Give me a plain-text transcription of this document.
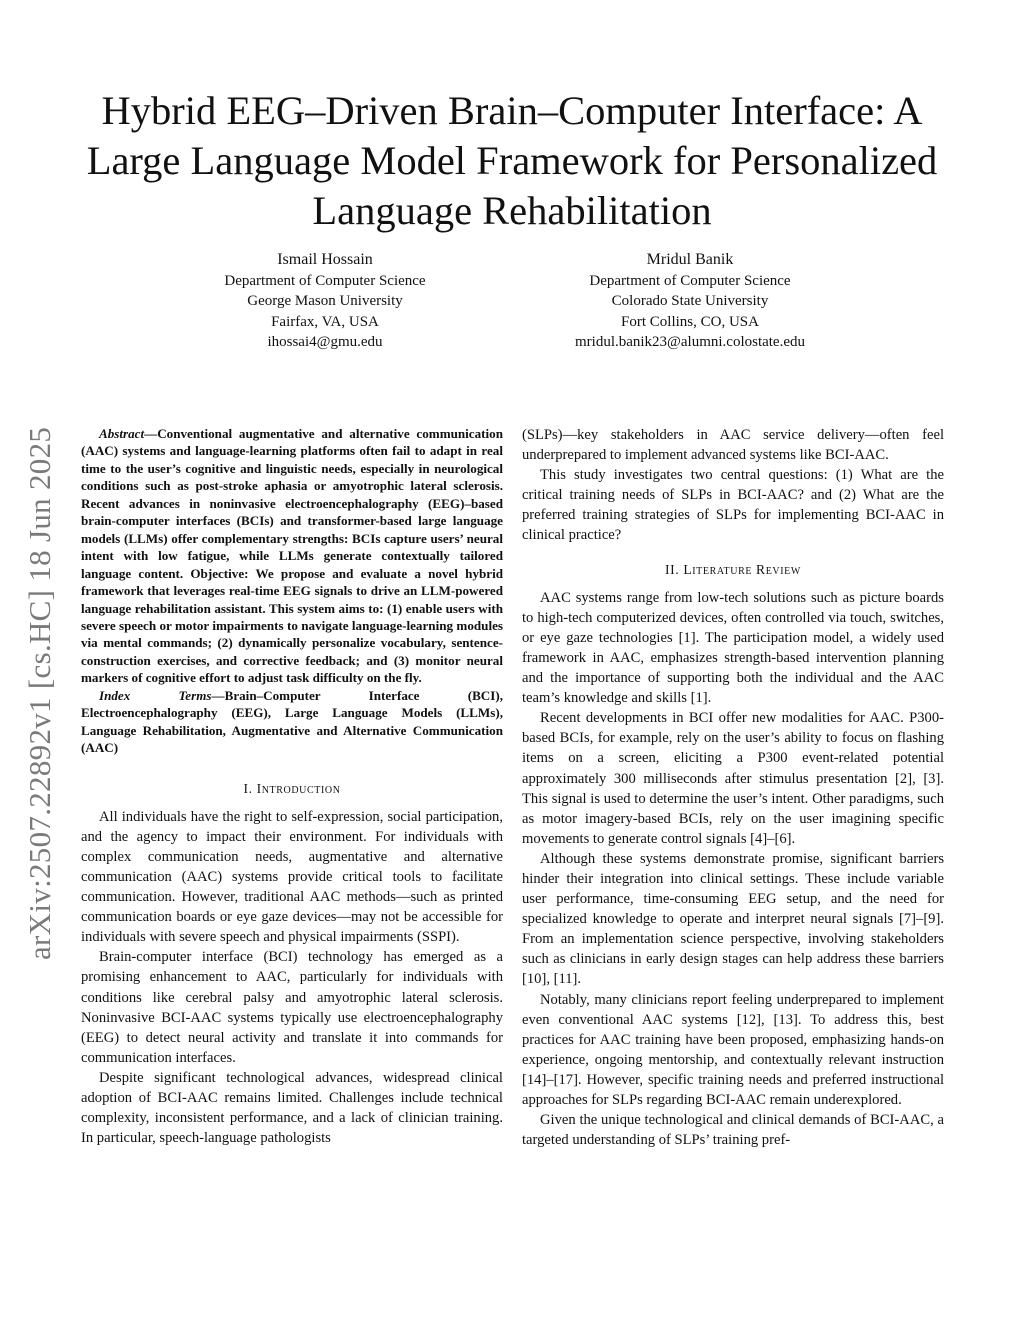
Hybrid EEG–Driven Brain–Computer Interface: A Large Language Model Framework for Personalized Language Rehabilitation
Ismail Hossain
Department of Computer Science
George Mason University
Fairfax, VA, USA
ihossai4@gmu.edu
Mridul Banik
Department of Computer Science
Colorado State University
Fort Collins, CO, USA
mridul.banik23@alumni.colostate.edu
arXiv:2507.22892v1 [cs.HC] 18 Jun 2025	Abstract—Conventional augmentative and alternative communication (AAC) systems and language-learning platforms often fail to adapt in real time to the user’s cognitive and linguistic needs, especially in neurological conditions such as post-stroke aphasia or amyotrophic lateral sclerosis. Recent advances in noninvasive electroencephalography (EEG)–based brain-computer interfaces (BCIs) and transformer-based large language models (LLMs) offer complementary strengths: BCIs capture users’ neural intent with low fatigue, while LLMs generate contextually tailored language content. Objective: We propose and evaluate a novel hybrid framework that leverages real-time EEG signals to drive an LLM-powered language rehabilitation assistant. This system aims to: (1) enable users with severe speech or motor impairments to navigate language-learning modules via mental commands; (2) dynamically personalize vocabulary, sentence-construction exercises, and corrective feedback; and (3) monitor neural markers of cognitive effort to adjust task difficulty on the fly.

Index Terms—Brain–Computer Interface (BCI), Electroencephalography (EEG), Large Language Models (LLMs), Language Rehabilitation, Augmentative and Alternative Communication (AAC)

I. Introduction

All individuals have the right to self-expression, social participation, and the agency to impact their environment. For individuals with complex communication needs, augmentative and alternative communication (AAC) systems provide critical tools to facilitate communication. However, traditional AAC methods—such as printed communication boards or eye gaze devices—may not be accessible for individuals with severe speech and physical impairments (SSPI).

Brain-computer interface (BCI) technology has emerged as a promising enhancement to AAC, particularly for individuals with conditions like cerebral palsy and amyotrophic lateral sclerosis. Noninvasive BCI-AAC systems typically use electroencephalography (EEG) to detect neural activity and translate it into commands for communication interfaces.

Despite significant technological advances, widespread clinical adoption of BCI-AAC remains limited. Challenges include technical complexity, inconsistent performance, and a lack of clinician training. In particular, speech-language pathologists

(SLPs)—key stakeholders in AAC service delivery—often feel underprepared to implement advanced systems like BCI-AAC.

This study investigates two central questions: (1) What are the critical training needs of SLPs in BCI-AAC? and (2) What are the preferred training strategies of SLPs for implementing BCI-AAC in clinical practice?

II. Literature Review

AAC systems range from low-tech solutions such as picture boards to high-tech computerized devices, often controlled via touch, switches, or eye gaze technologies [1]. The participation model, a widely used framework in AAC, emphasizes strength-based intervention planning and the importance of supporting both the individual and the AAC team’s knowledge and skills [1].

Recent developments in BCI offer new modalities for AAC. P300-based BCIs, for example, rely on the user’s ability to focus on flashing items on a screen, eliciting a P300 event-related potential approximately 300 milliseconds after stimulus presentation [2], [3]. This signal is used to determine the user’s intent. Other paradigms, such as motor imagery-based BCIs, rely on the user imagining specific movements to generate control signals [4]–[6].

Although these systems demonstrate promise, significant barriers hinder their integration into clinical settings. These include variable user performance, time-consuming EEG setup, and the need for specialized knowledge to operate and interpret neural signals [7]–[9]. From an implementation science perspective, involving stakeholders such as clinicians in early design stages can help address these barriers [10], [11].

Notably, many clinicians report feeling underprepared to implement even conventional AAC systems [12], [13]. To address this, best practices for AAC training have been proposed, emphasizing hands-on experience, ongoing mentorship, and contextually relevant instruction [14]–[17]. However, specific training needs and preferred instructional approaches for SLPs regarding BCI-AAC remain underexplored.

Given the unique technological and clinical demands of BCI-AAC, a targeted understanding of SLPs’ training pref-
